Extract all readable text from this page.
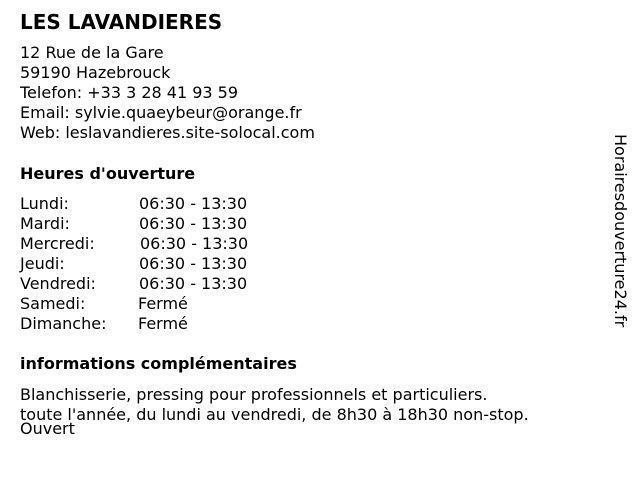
LES LAVANDIERES
12 Rue de la Gare
59190 Hazebrouck
Telefon: +33 3 28 41 93 59
Email: sylvie.quaeybeur@orange.fr
Web: leslavandieres.site-solocal.com
Heures d'ouverture
Lundi:	06:30 - 13:30
Mardi:	06:30 - 13:30
Mercredi:	06:30 - 13:30
Jeudi:	06:30 - 13:30
Vendredi:	06:30 - 13:30
Samedi:	Fermé
Dimanche: Fermé
informations complémentaires
Blanchisserie, pressing pour professionnels et particuliers.
toute l'année, du lundi au vendredi, de 8h30 à 18h30 non-stop.
Ouvert
Horairesdouverture24.fr
